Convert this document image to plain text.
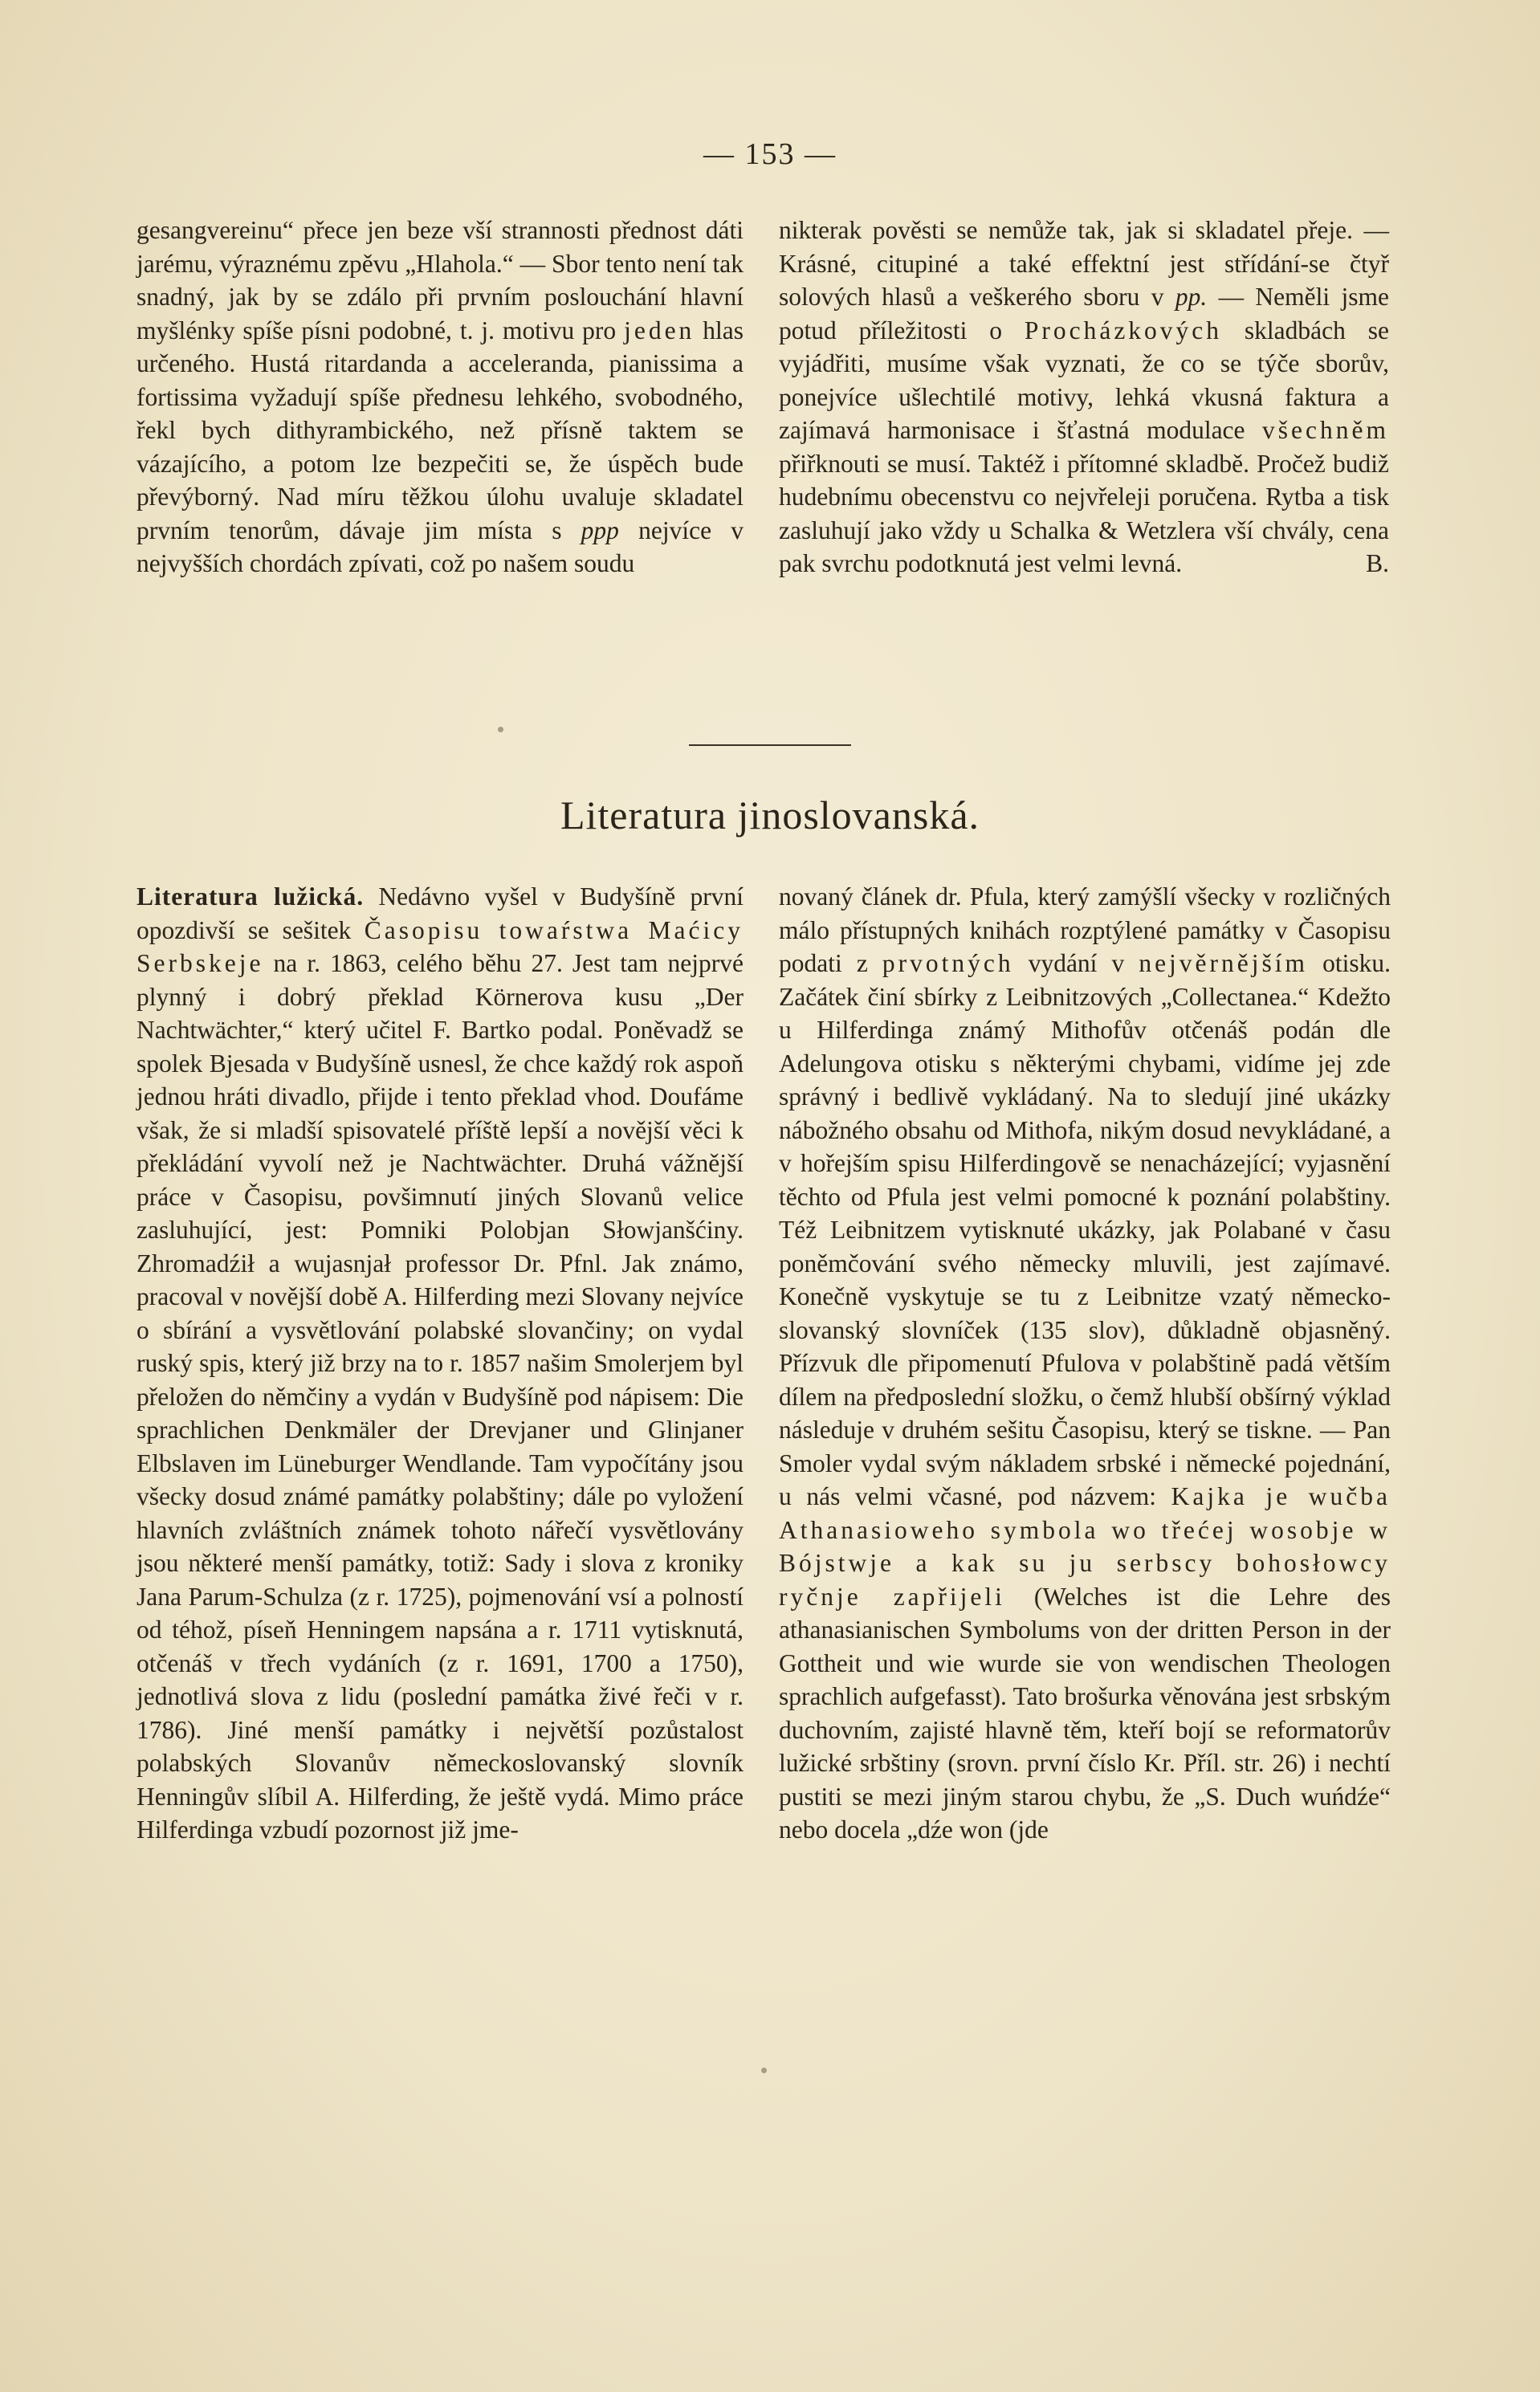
— 153 —

gesangvereinu“ přece jen beze vší strannosti přednost dáti jarému, výraznému zpěvu „Hlahola.“ — Sbor tento není tak snadný, jak by se zdálo při prvním poslouchání hlavní myšlénky spíše písni podobné, t. j. motivu pro jeden hlas určeného. Hustá ritardanda a acceleranda, pianissima a fortissima vyžadují spíše přednesu lehkého, svobodného, řekl bych dithyrambického, než přísně taktem se vázajícího, a potom lze bezpečiti se, že úspěch bude převýborný. Nad míru těžkou úlohu uvaluje skladatel prvním tenorům, dávaje jim místa s ppp nejvíce v nejvyšších chordách zpívati, což po našem soudu

nikterak pověsti se nemůže tak, jak si skladatel přeje. — Krásné, citupiné a také effektní jest střídání-se čtyř solových hlasů a veškerého sboru v pp. — Neměli jsme potud příležitosti o Procházkových skladbách se vyjádřiti, musíme však vyznati, že co se týče sborův, ponejvíce ušlechtilé motivy, lehká vkusná faktura a zajímavá harmonisace i šťastná modulace všechněm přiřknouti se musí. Taktéž i přítomné skladbě. Pročež budiž hudebnímu obecenstvu co nejvřeleji poručena. Rytba a tisk zasluhují jako vždy u Schalka & Wetzlera vší chvály, cena pak svrchu podotknutá jest velmi levná.	B.

Literatura jinoslovanská.

Literatura lužická. Nedávno vyšel v Budyšíně první opozdivší se sešitek Časopisu towaŕstwa Maćicy Serbskeje na r. 1863, celého běhu 27. Jest tam nejprvé plynný i dobrý překlad Körnerova kusu „Der Nachtwächter,“ který učitel F. Bartko podal. Poněvadž se spolek Bjesada v Budyšíně usnesl, že chce každý rok aspoň jednou hráti divadlo, přijde i tento překlad vhod. Doufáme však, že si mladší spisovatelé příště lepší a novější věci k překládání vyvolí než je Nachtwächter. Druhá vážnější práce v Časopisu, povšimnutí jiných Slovanů velice zasluhující, jest: Pomniki Polobjan Słowjanšćiny. Zhromadźił a wujasnjał professor Dr. Pfnl. Jak známo, pracoval v novější době A. Hilferding mezi Slovany nejvíce o sbírání a vysvětlování polabské slovančiny; on vydal ruský spis, který již brzy na to r. 1857 našim Smolerjem byl přeložen do němčiny a vydán v Budyšíně pod nápisem: Die sprachlichen Denkmäler der Drevjaner und Glinjaner Elbslaven im Lüneburger Wendlande. Tam vypočítány jsou všecky dosud známé památky polabštiny; dále po vyložení hlavních zvláštních známek tohoto nářečí vysvětlovány jsou některé menší památky, totiž: Sady i slova z kroniky Jana Parum-Schulza (z r. 1725), pojmenování vsí a polností od téhož, píseň Henningem napsána a r. 1711 vytisknutá, otčenáš v třech vydáních (z r. 1691, 1700 a 1750), jednotlivá slova z lidu (poslední památka živé řeči v r. 1786). Jiné menší památky i největší pozůstalost polabských Slovanův německoslovanský slovník Henningův slíbil A. Hilferding, že ještě vydá. Mimo práce Hilferdinga vzbudí pozornost již jme-

novaný článek dr. Pfula, který zamýšlí všecky v rozličných málo přístupných knihách rozptýlené památky v Časopisu podati z prvotných vydání v nejvěrnějším otisku. Začátek činí sbírky z Leibnitzových „Collectanea.“ Kdežto u Hilferdinga známý Mithofův otčenáš podán dle Adelungova otisku s některými chybami, vidíme jej zde správný i bedlivě vykládaný. Na to sledují jiné ukázky nábožného obsahu od Mithofa, nikým dosud nevykládané, a v hořejším spisu Hilferdingově se nenacházející; vyjasnění těchto od Pfula jest velmi pomocné k poznání polabštiny. Též Leibnitzem vytisknuté ukázky, jak Polabané v času poněmčování svého německy mluvili, jest zajímavé. Konečně vyskytuje se tu z Leibnitze vzatý německo-slovanský slovníček (135 slov), důkladně objasněný. Přízvuk dle připomenutí Pfulova v polabštině padá větším dílem na předposlední složku, o čemž hlubší obšírný výklad následuje v druhém sešitu Časopisu, který se tiskne. — Pan Smoler vydal svým nákladem srbské i německé pojednání, u nás velmi včasné, pod názvem: Kajka je wučba Athanasioweho symbola wo třećej wosobje w Bójstwje a kak su ju serbscy bohosłowcy ryčnje zapřijeli (Welches ist die Lehre des athanasianischen Symbolums von der dritten Person in der Gottheit und wie wurde sie von wendischen Theologen sprachlich aufgefasst). Tato brošurka věnována jest srbským duchovním, zajisté hlavně těm, kteří bojí se reformatorův lužické srbštiny (srovn. první číslo Kr. Příl. str. 26) i nechtí pustiti se mezi jiným starou chybu, že „S. Duch wuńdźe“ nebo docela „dźe won (jde
